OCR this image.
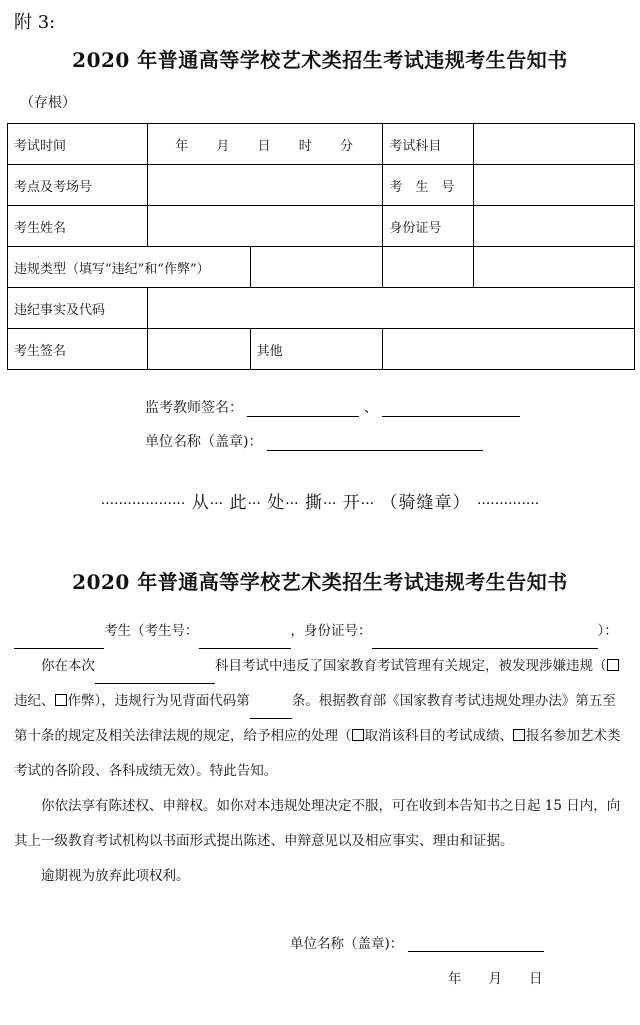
附 3:
2020 年普通高等学校艺术类招生考试违规考生告知书
（存根）
考试时间	年 月 日 时 分		考试科目	
考点及考场号			考　生　号	
考生姓名			身份证号	
违规类型（填写“违纪”和“作弊”）				
违纪事实及代码				
考生签名		其他		
监考教师签名：	、
单位名称（盖章)：
··················· 从··· 此··· 处··· 撕··· 开··· （骑缝章） ··············
2020 年普通高等学校艺术类招生考试违规考生告知书

考生（考生号：	，身份证号：	）：

你在本次	科目考试中违反了国家教育考试管理有关规定，被发现涉嫌违规（违纪、 作弊），违规行为见背面代码第	条。根据教育部《国家教育考试违规处理办法》第五至第十条的规定及相关法律法规的规定，给予相应的处理（ 取消该科目的考试成绩、 报名参加艺术类考试的各阶段、各科成绩无效）。特此告知。

你依法享有陈述权、申辩权。如你对本违规处理决定不服，可在收到本告知书之日起 15 日内，向其上一级教育考试机构以书面形式提出陈述、申辩意见以及相应事实、理由和证据。

逾期视为放弃此项权利。

单位名称（盖章)：
年　　月　　日
